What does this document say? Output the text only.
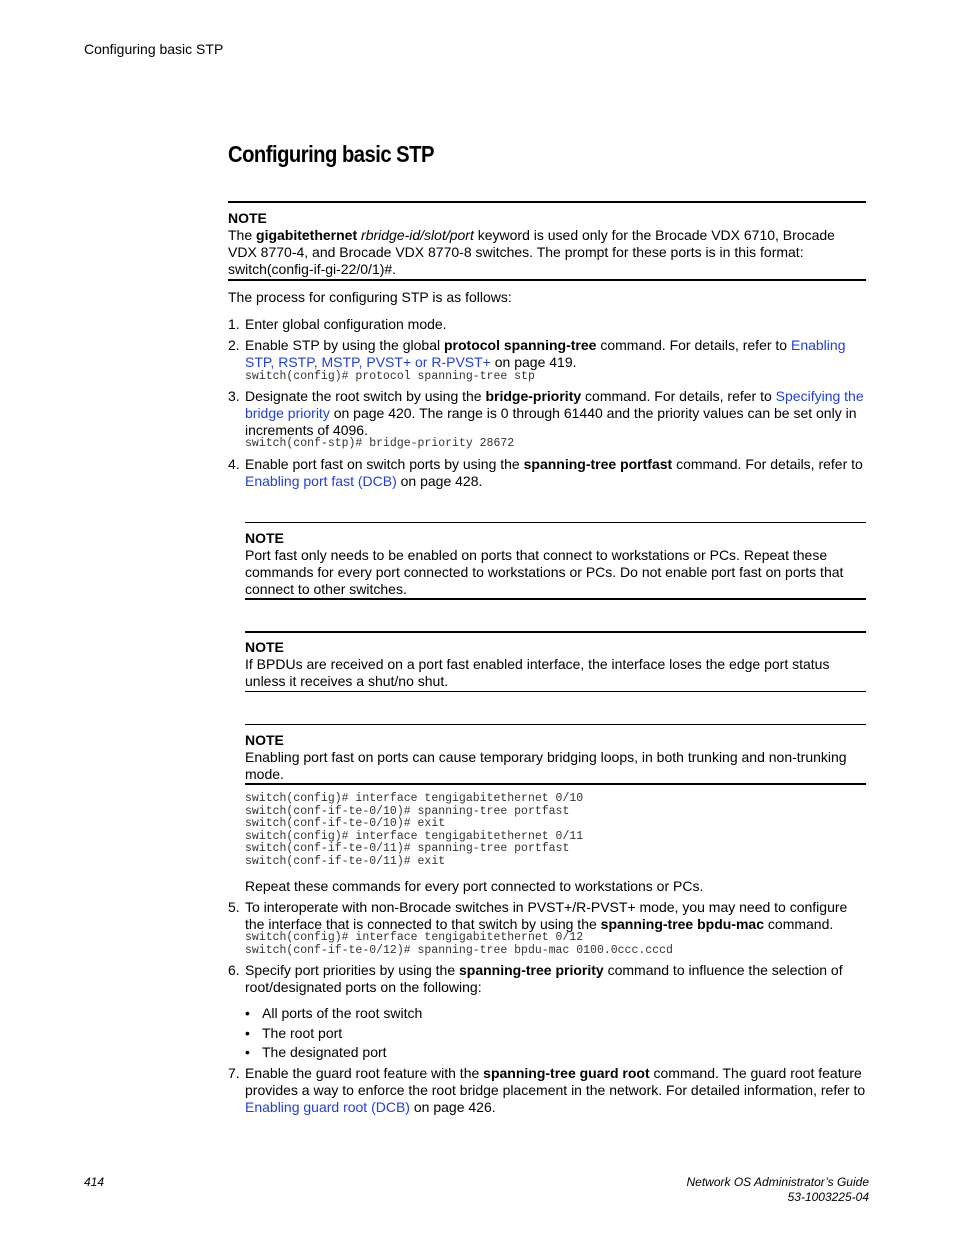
Configuring basic STP
Configuring basic STP
NOTE
The gigabitethernet rbridge-id/slot/port keyword is used only for the Brocade VDX 6710, Brocade VDX 8770-4, and Brocade VDX 8770-8 switches. The prompt for these ports is in this format: switch(config-if-gi-22/0/1)#.
The process for configuring STP is as follows:
1. Enter global configuration mode.
2. Enable STP by using the global protocol spanning-tree command. For details, refer to Enabling STP, RSTP, MSTP, PVST+ or R-PVST+ on page 419.
switch(config)# protocol spanning-tree stp
3. Designate the root switch by using the bridge-priority command. For details, refer to Specifying the bridge priority on page 420. The range is 0 through 61440 and the priority values can be set only in increments of 4096.
switch(conf-stp)# bridge-priority 28672
4. Enable port fast on switch ports by using the spanning-tree portfast command. For details, refer to Enabling port fast (DCB) on page 428.
NOTE
Port fast only needs to be enabled on ports that connect to workstations or PCs. Repeat these commands for every port connected to workstations or PCs. Do not enable port fast on ports that connect to other switches.
NOTE
If BPDUs are received on a port fast enabled interface, the interface loses the edge port status unless it receives a shut/no shut.
NOTE
Enabling port fast on ports can cause temporary bridging loops, in both trunking and non-trunking mode.
switch(config)# interface tengigabitethernet 0/10
switch(conf-if-te-0/10)# spanning-tree portfast
switch(conf-if-te-0/10)# exit
switch(config)# interface tengigabitethernet 0/11
switch(conf-if-te-0/11)# spanning-tree portfast
switch(conf-if-te-0/11)# exit
Repeat these commands for every port connected to workstations or PCs.
5. To interoperate with non-Brocade switches in PVST+/R-PVST+ mode, you may need to configure the interface that is connected to that switch by using the spanning-tree bpdu-mac command.
switch(config)# interface tengigabitethernet 0/12
switch(conf-if-te-0/12)# spanning-tree bpdu-mac 0100.0ccc.cccd
6. Specify port priorities by using the spanning-tree priority command to influence the selection of root/designated ports on the following:
• All ports of the root switch
• The root port
• The designated port
7. Enable the guard root feature with the spanning-tree guard root command. The guard root feature provides a way to enforce the root bridge placement in the network. For detailed information, refer to Enabling guard root (DCB) on page 426.
414	Network OS Administrator’s Guide
53-1003225-04
